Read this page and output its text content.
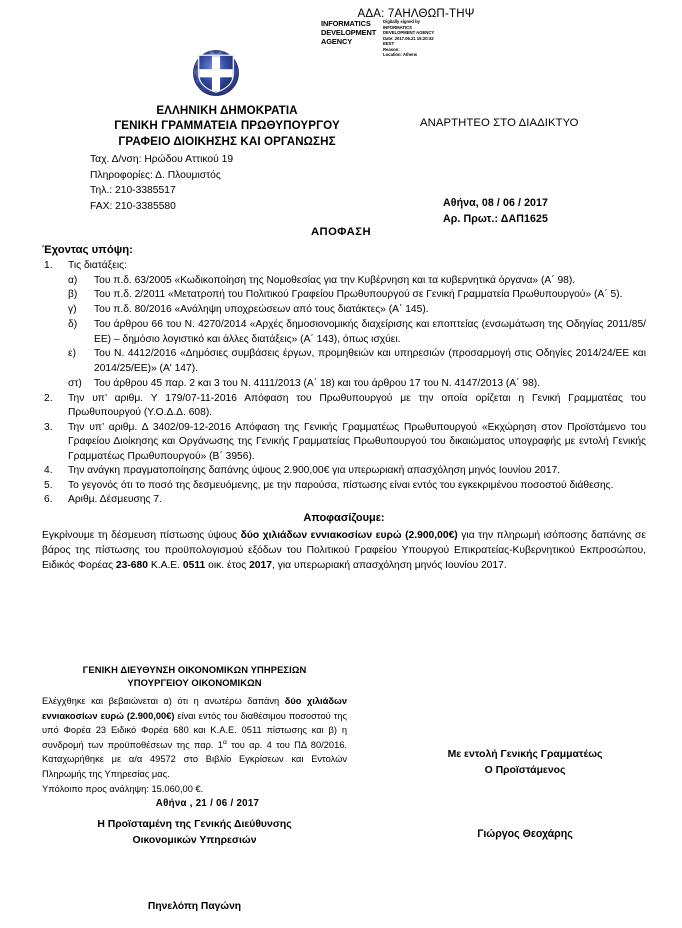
ΑΔΑ: 7ΑΗΛΘΩΠ-ΤΗΨ
INFORMATICS DEVELOPMENT AGENCY
Digitally signed by
INFORMATICS
DEVELOPMENT AGENCY
Date: 2017.06.21 15:20:32
EEST
Reason:
Location: Athens
ΕΛΛΗΝΙΚΗ ΔΗΜΟΚΡΑΤΙΑ
ΓΕΝΙΚΗ ΓΡΑΜΜΑΤΕΙΑ ΠΡΩΘΥΠΟΥΡΓΟΥ
ΓΡΑΦΕΙΟ ΔΙΟΙΚΗΣΗΣ ΚΑΙ ΟΡΓΑΝΩΣΗΣ
Ταχ. Δ/νση: Ηρώδου Αττικού 19
Πληροφορίες: Δ. Πλουμιστός
Τηλ.: 210-3385517
FAX: 210-3385580
ΑΝΑΡΤΗΤΕΟ ΣΤΟ ΔΙΑΔΙΚΤΥΟ
Αθήνα, 08 / 06 / 2017
Αρ. Πρωτ.: ΔΑΠ1625
ΑΠΟΦΑΣΗ
Έχοντας υπόψη:
1.	Τις διατάξεις:
α)	Του π.δ. 63/2005 «Κωδικοποίηση της Νομοθεσίας για την Κυβέρνηση και τα κυβερνητικά όργανα» (Α΄ 98).
β)	Του π.δ. 2/2011 «Μετατροπή του Πολιτικού Γραφείου Πρωθυπουργού σε Γενική Γραμματεία Πρωθυπουργού» (Α΄ 5).
γ)	Του π.δ. 80/2016 «Ανάληψη υποχρεώσεων από τους διατάκτες» (Α΄ 145).
δ)	Του άρθρου 66 του Ν. 4270/2014 «Αρχές δημοσιονομικής διαχείρισης και εποπτείας (ενσωμάτωση της Οδηγίας 2011/85/ΕΕ) – δημόσιο λογιστικό και άλλες διατάξεις» (Α΄ 143), όπως ισχύει.
ε)	Του Ν. 4412/2016 «Δημόσιες συμβάσεις έργων, προμηθειών και υπηρεσιών (προσαρμογή στις Οδηγίες 2014/24/ΕΕ και 2014/25/ΕΕ)» (Α' 147).
στ)	Του άρθρου 45 παρ. 2 και 3 του Ν. 4111/2013 (Α΄ 18) και του άρθρου 17 του Ν. 4147/2013 (Α΄ 98).
2.	Την υπ’ αριθμ. Υ 179/07-11-2016 Απόφαση του Πρωθυπουργού με την οποία ορίζεται η Γενική Γραμματέας του Πρωθυπουργού (Υ.Ο.Δ.Δ. 608).
3.	Την υπ’ αριθμ. Δ 3402/09-12-2016 Απόφαση της Γενικής Γραμματέως Πρωθυπουργού «Εκχώρηση στον Προϊστάμενο του Γραφείου Διοίκησης και Οργάνωσης της Γενικής Γραμματείας Πρωθυπουργού του δικαιώματος υπογραφής με εντολή Γενικής Γραμματέως Πρωθυπουργού» (Β΄ 3956).
4.	Την ανάγκη πραγματοποίησης δαπάνης ύψους 2.900,00€ για υπερωριακή απασχόληση μηνός Ιουνίου 2017.
5.	Το γεγονός ότι το ποσό της δεσμευόμενης, με την παρούσα, πίστωσης είναι εντός του εγκεκριμένου ποσοστού διάθεσης.
6.	Αριθμ. Δέσμευσης 7.
Αποφασίζουμε:
Εγκρίνουμε τη δέσμευση πίστωσης ύψους δύο χιλιάδων εννιακοσίων ευρώ (2.900,00€) για την πληρωμή ισόποσης δαπάνης σε βάρος της πίστωσης του προϋπολογισμού εξόδων του Πολιτικού Γραφείου Υπουργού Επικρατείας-Κυβερνητικού Εκπροσώπου, Ειδικός Φορέας 23-680 Κ.Α.Ε. 0511 οικ. έτος 2017, για υπερωριακή απασχόληση μηνός Ιουνίου 2017.
ΓΕΝΙΚΗ ΔΙΕΥΘΥΝΣΗ ΟΙΚΟΝΟΜΙΚΩΝ ΥΠΗΡΕΣΙΩΝ
ΥΠΟΥΡΓΕΙΟΥ ΟΙΚΟΝΟΜΙΚΩΝ
Ελέγχθηκε και βεβαιώνεται α) ότι η ανωτέρω δαπάνη δύο χιλιάδων εννιακοσίων ευρώ (2.900,00€) είναι εντός του διαθέσιμου ποσοστού της υπό Φορέα 23 Ειδικό Φορέα 680 και Κ.Α.Ε. 0511 πίστωσης και β) η συνδρομή των προϋποθέσεων της παρ. $1^\alpha$ του αρ. 4 του ΠΔ 80/2016. Καταχωρήθηκε με α/α 49572 στο Βιβλίο Εγκρίσεων και Εντολών Πληρωμής της Υπηρεσίας μας.
Υπόλοιπο προς ανάληψη: 15.060,00 €.
Αθήνα , 21 / 06 / 2017
Η Προϊσταμένη της Γενικής Διεύθυνσης
Οικονομικών Υπηρεσιών
Πηνελόπη Παγώνη
Με εντολή Γενικής Γραμματέως
Ο Προϊστάμενος
Γιώργος Θεοχάρης
